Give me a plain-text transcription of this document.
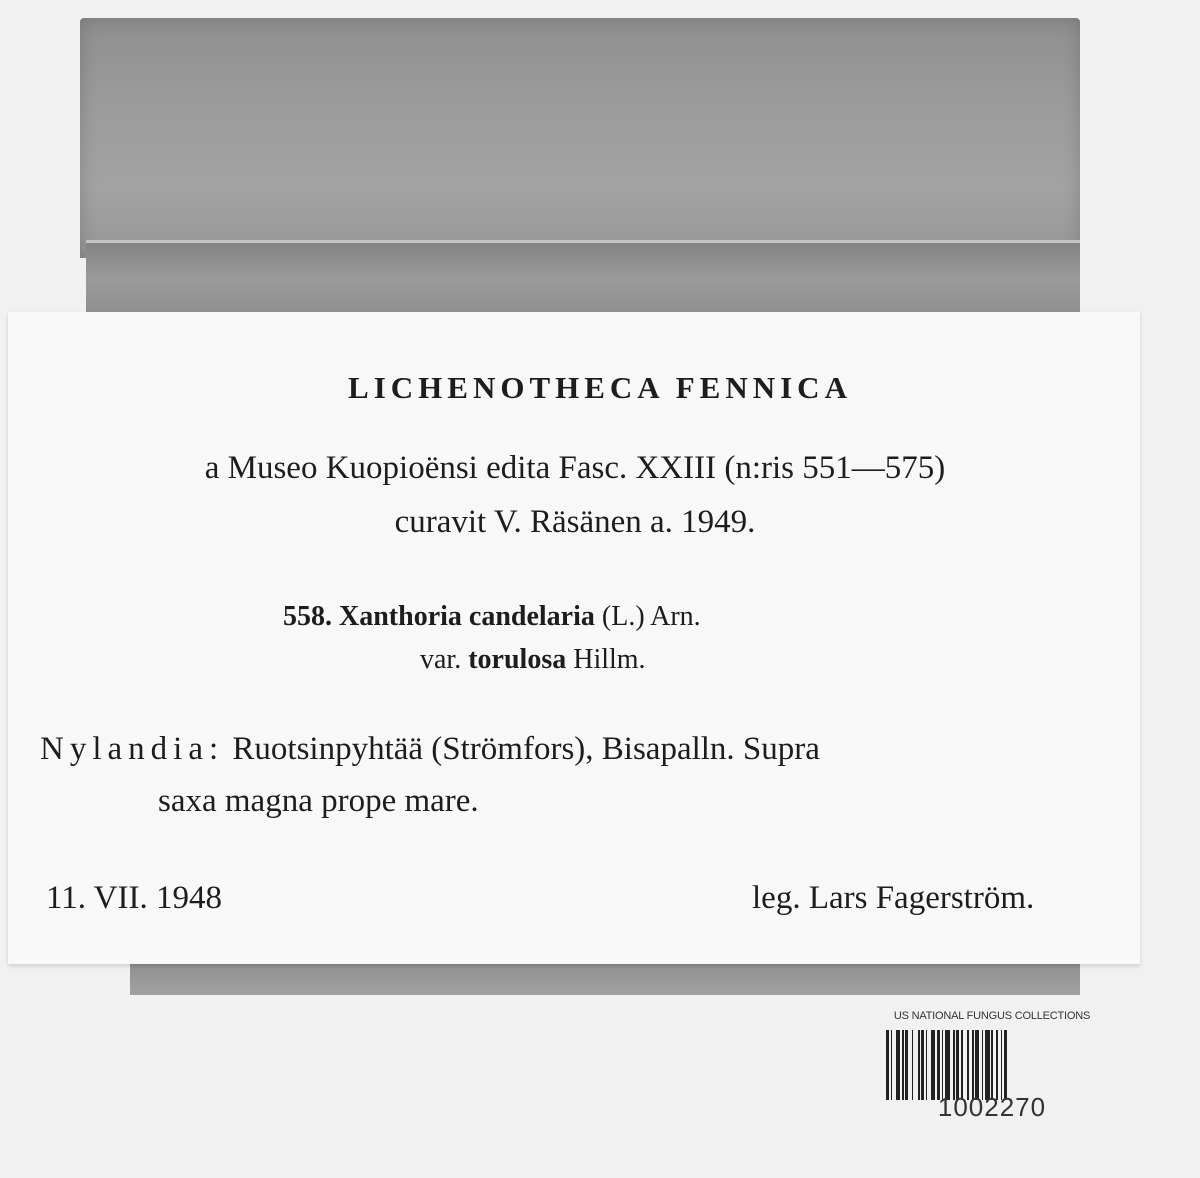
LICHENOTHECA FENNICA
a Museo Kuopioënsi edita Fasc. XXIII (n:ris 551—575)
curavit V. Räsänen a. 1949.
558. Xanthoria candelaria (L.) Arn.
var. torulosa Hillm.
Nylandia: Ruotsinpyhtää (Strömfors), Bisapalln. Supra
saxa magna prope mare.
11. VII. 1948	leg. Lars Fagerström.
US NATIONAL FUNGUS COLLECTIONS
1002270
